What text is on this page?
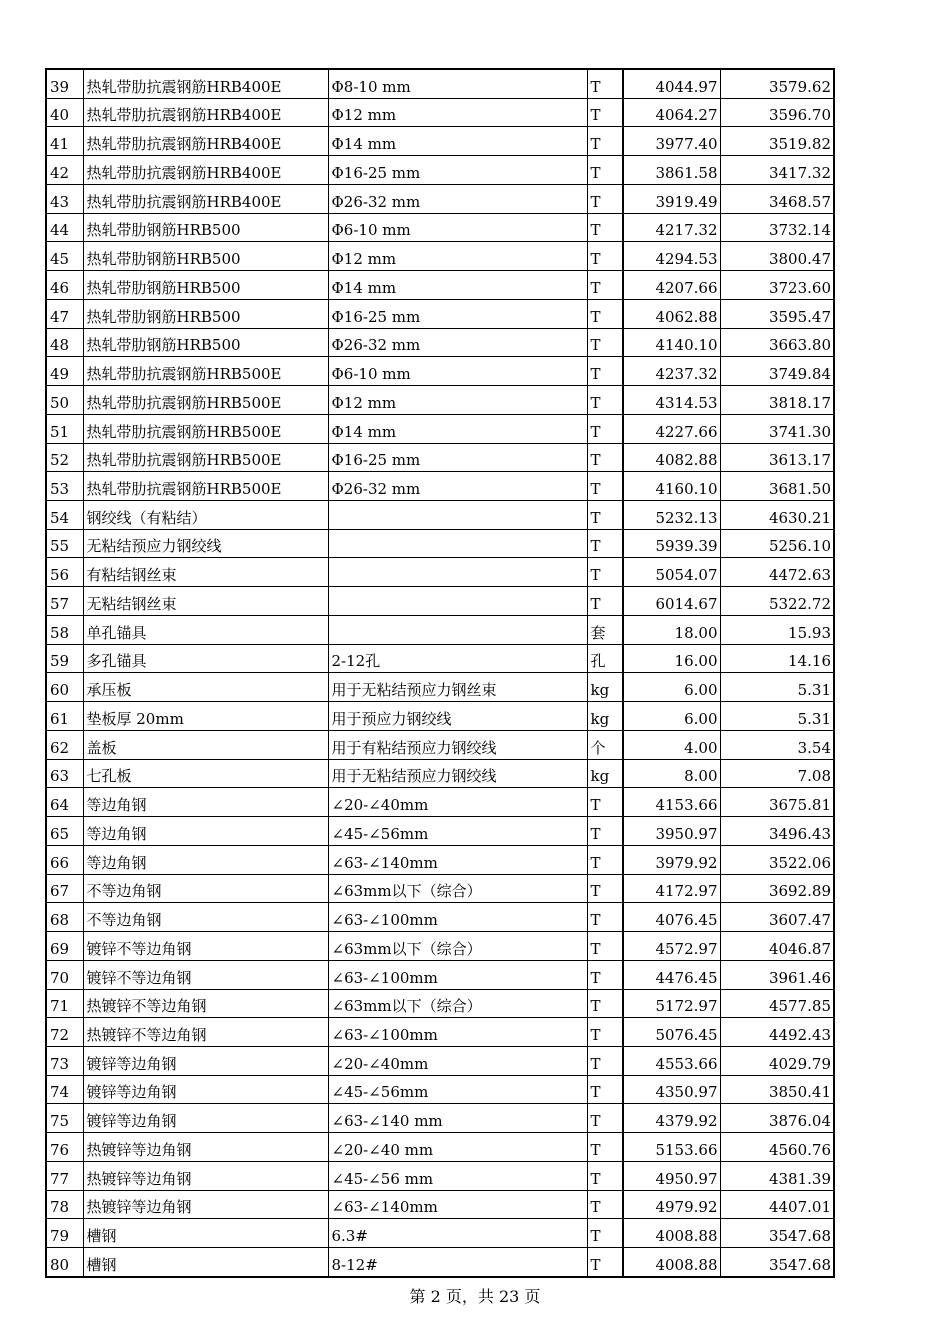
39	热轧带肋抗震钢筋HRB400E	Φ8-10 mm	T	4044.97	3579.62
40	热轧带肋抗震钢筋HRB400E	Φ12 mm	T	4064.27	3596.70
41	热轧带肋抗震钢筋HRB400E	Φ14 mm	T	3977.40	3519.82
42	热轧带肋抗震钢筋HRB400E	Φ16-25 mm	T	3861.58	3417.32
43	热轧带肋抗震钢筋HRB400E	Φ26-32 mm	T	3919.49	3468.57
44	热轧带肋钢筋HRB500	Φ6-10 mm	T	4217.32	3732.14
45	热轧带肋钢筋HRB500	Φ12 mm	T	4294.53	3800.47
46	热轧带肋钢筋HRB500	Φ14 mm	T	4207.66	3723.60
47	热轧带肋钢筋HRB500	Φ16-25 mm	T	4062.88	3595.47
48	热轧带肋钢筋HRB500	Φ26-32 mm	T	4140.10	3663.80
49	热轧带肋抗震钢筋HRB500E	Φ6-10 mm	T	4237.32	3749.84
50	热轧带肋抗震钢筋HRB500E	Φ12 mm	T	4314.53	3818.17
51	热轧带肋抗震钢筋HRB500E	Φ14 mm	T	4227.66	3741.30
52	热轧带肋抗震钢筋HRB500E	Φ16-25 mm	T	4082.88	3613.17
53	热轧带肋抗震钢筋HRB500E	Φ26-32 mm	T	4160.10	3681.50
54	钢绞线（有粘结）		T	5232.13	4630.21
55	无粘结预应力钢绞线		T	5939.39	5256.10
56	有粘结钢丝束		T	5054.07	4472.63
57	无粘结钢丝束		T	6014.67	5322.72
58	单孔锚具		套	18.00	15.93
59	多孔锚具	2-12孔	孔	16.00	14.16
60	承压板	用于无粘结预应力钢丝束	kg	6.00	5.31
61	垫板厚 20mm	用于预应力钢绞线	kg	6.00	5.31
62	盖板	用于有粘结预应力钢绞线	个	4.00	3.54
63	七孔板	用于无粘结预应力钢绞线	kg	8.00	7.08
64	等边角钢	∠20-∠40mm	T	4153.66	3675.81
65	等边角钢	∠45-∠56mm	T	3950.97	3496.43
66	等边角钢	∠63-∠140mm	T	3979.92	3522.06
67	不等边角钢	∠63mm以下（综合）	T	4172.97	3692.89
68	不等边角钢	∠63-∠100mm	T	4076.45	3607.47
69	镀锌不等边角钢	∠63mm以下（综合）	T	4572.97	4046.87
70	镀锌不等边角钢	∠63-∠100mm	T	4476.45	3961.46
71	热镀锌不等边角钢	∠63mm以下（综合）	T	5172.97	4577.85
72	热镀锌不等边角钢	∠63-∠100mm	T	5076.45	4492.43
73	镀锌等边角钢	∠20-∠40mm	T	4553.66	4029.79
74	镀锌等边角钢	∠45-∠56mm	T	4350.97	3850.41
75	镀锌等边角钢	∠63-∠140 mm	T	4379.92	3876.04
76	热镀锌等边角钢	∠20-∠40 mm	T	5153.66	4560.76
77	热镀锌等边角钢	∠45-∠56 mm	T	4950.97	4381.39
78	热镀锌等边角钢	∠63-∠140mm	T	4979.92	4407.01
79	槽钢	6.3#	T	4008.88	3547.68
80	槽钢	8-12#	T	4008.88	3547.68
第 2 页，共 23 页
